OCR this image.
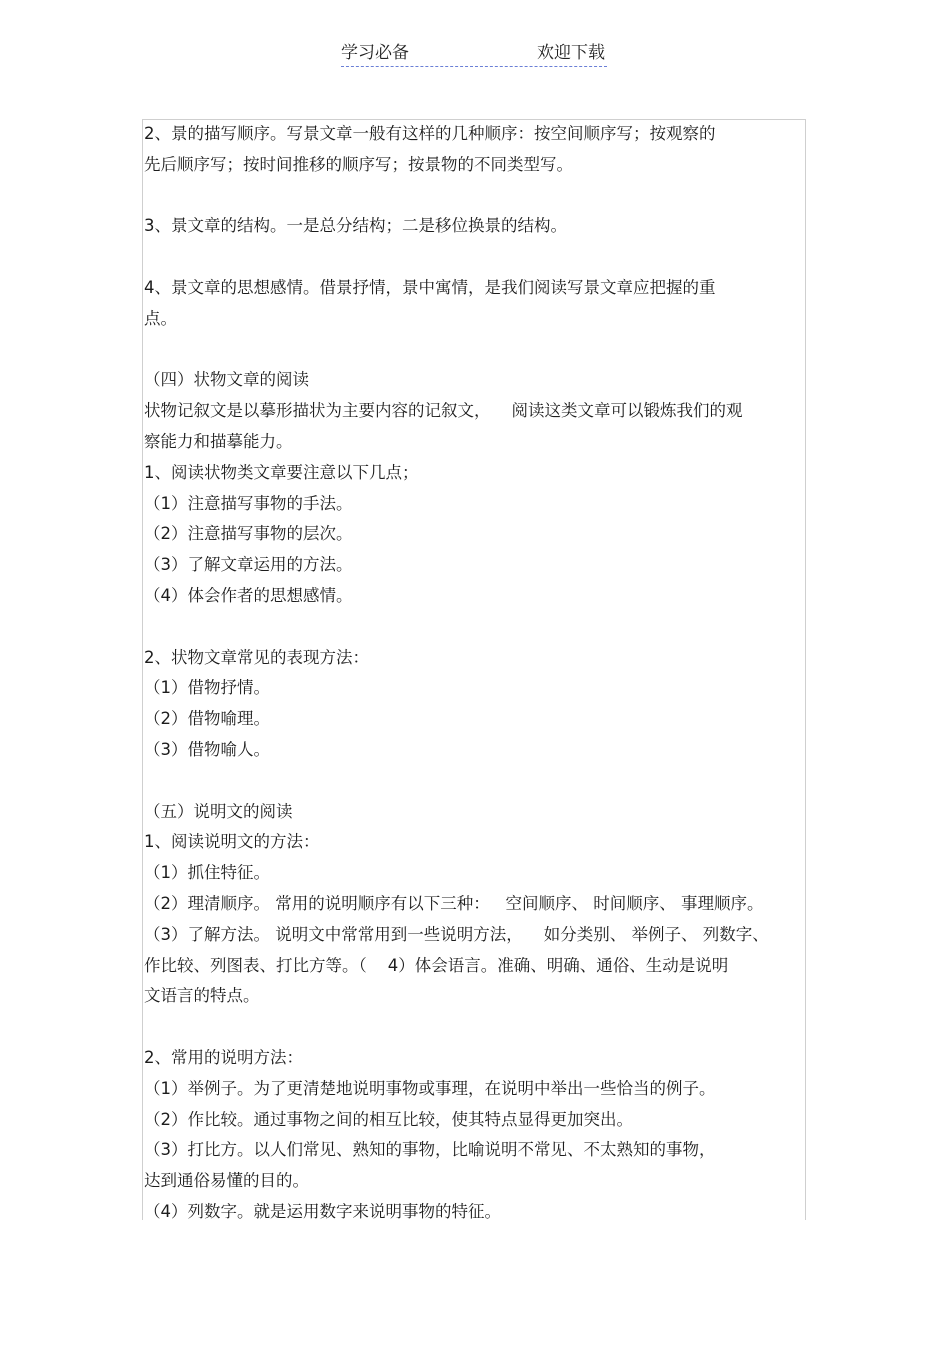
学习必备	欢迎下载
2、景的描写顺序。写景文章一般有这样的几种顺序：按空间顺序写；按观察的
先后顺序写；按时间推移的顺序写；按景物的不同类型写。
3、景文章的结构。一是总分结构；二是移位换景的结构。
4、景文章的思想感情。借景抒情，景中寓情，是我们阅读写景文章应把握的重
点。
（四）状物文章的阅读
状物记叙文是以摹形描状为主要内容的记叙文，    阅读这类文章可以锻炼我们的观
察能力和描摹能力。
1、阅读状物类文章要注意以下几点；
（1）注意描写事物的手法。
（2）注意描写事物的层次。
（3）了解文章运用的方法。
（4）体会作者的思想感情。
2、状物文章常见的表现方法：
（1）借物抒情。
（2）借物喻理。
（3）借物喻人。
（五）说明文的阅读
1、阅读说明文的方法：
（1）抓住特征。
（2）理清顺序。 常用的说明顺序有以下三种：   空间顺序、 时间顺序、 事理顺序。
（3）了解方法。 说明文中常常用到一些说明方法，    如分类别、 举例子、 列数字、
作比较、列图表、打比方等。（    4）体会语言。准确、明确、通俗、生动是说明
文语言的特点。
2、常用的说明方法：
（1）举例子。为了更清楚地说明事物或事理，在说明中举出一些恰当的例子。
（2）作比较。通过事物之间的相互比较，使其特点显得更加突出。
（3）打比方。以人们常见、熟知的事物，比喻说明不常见、不太熟知的事物，
达到通俗易懂的目的。
（4）列数字。就是运用数字来说明事物的特征。
